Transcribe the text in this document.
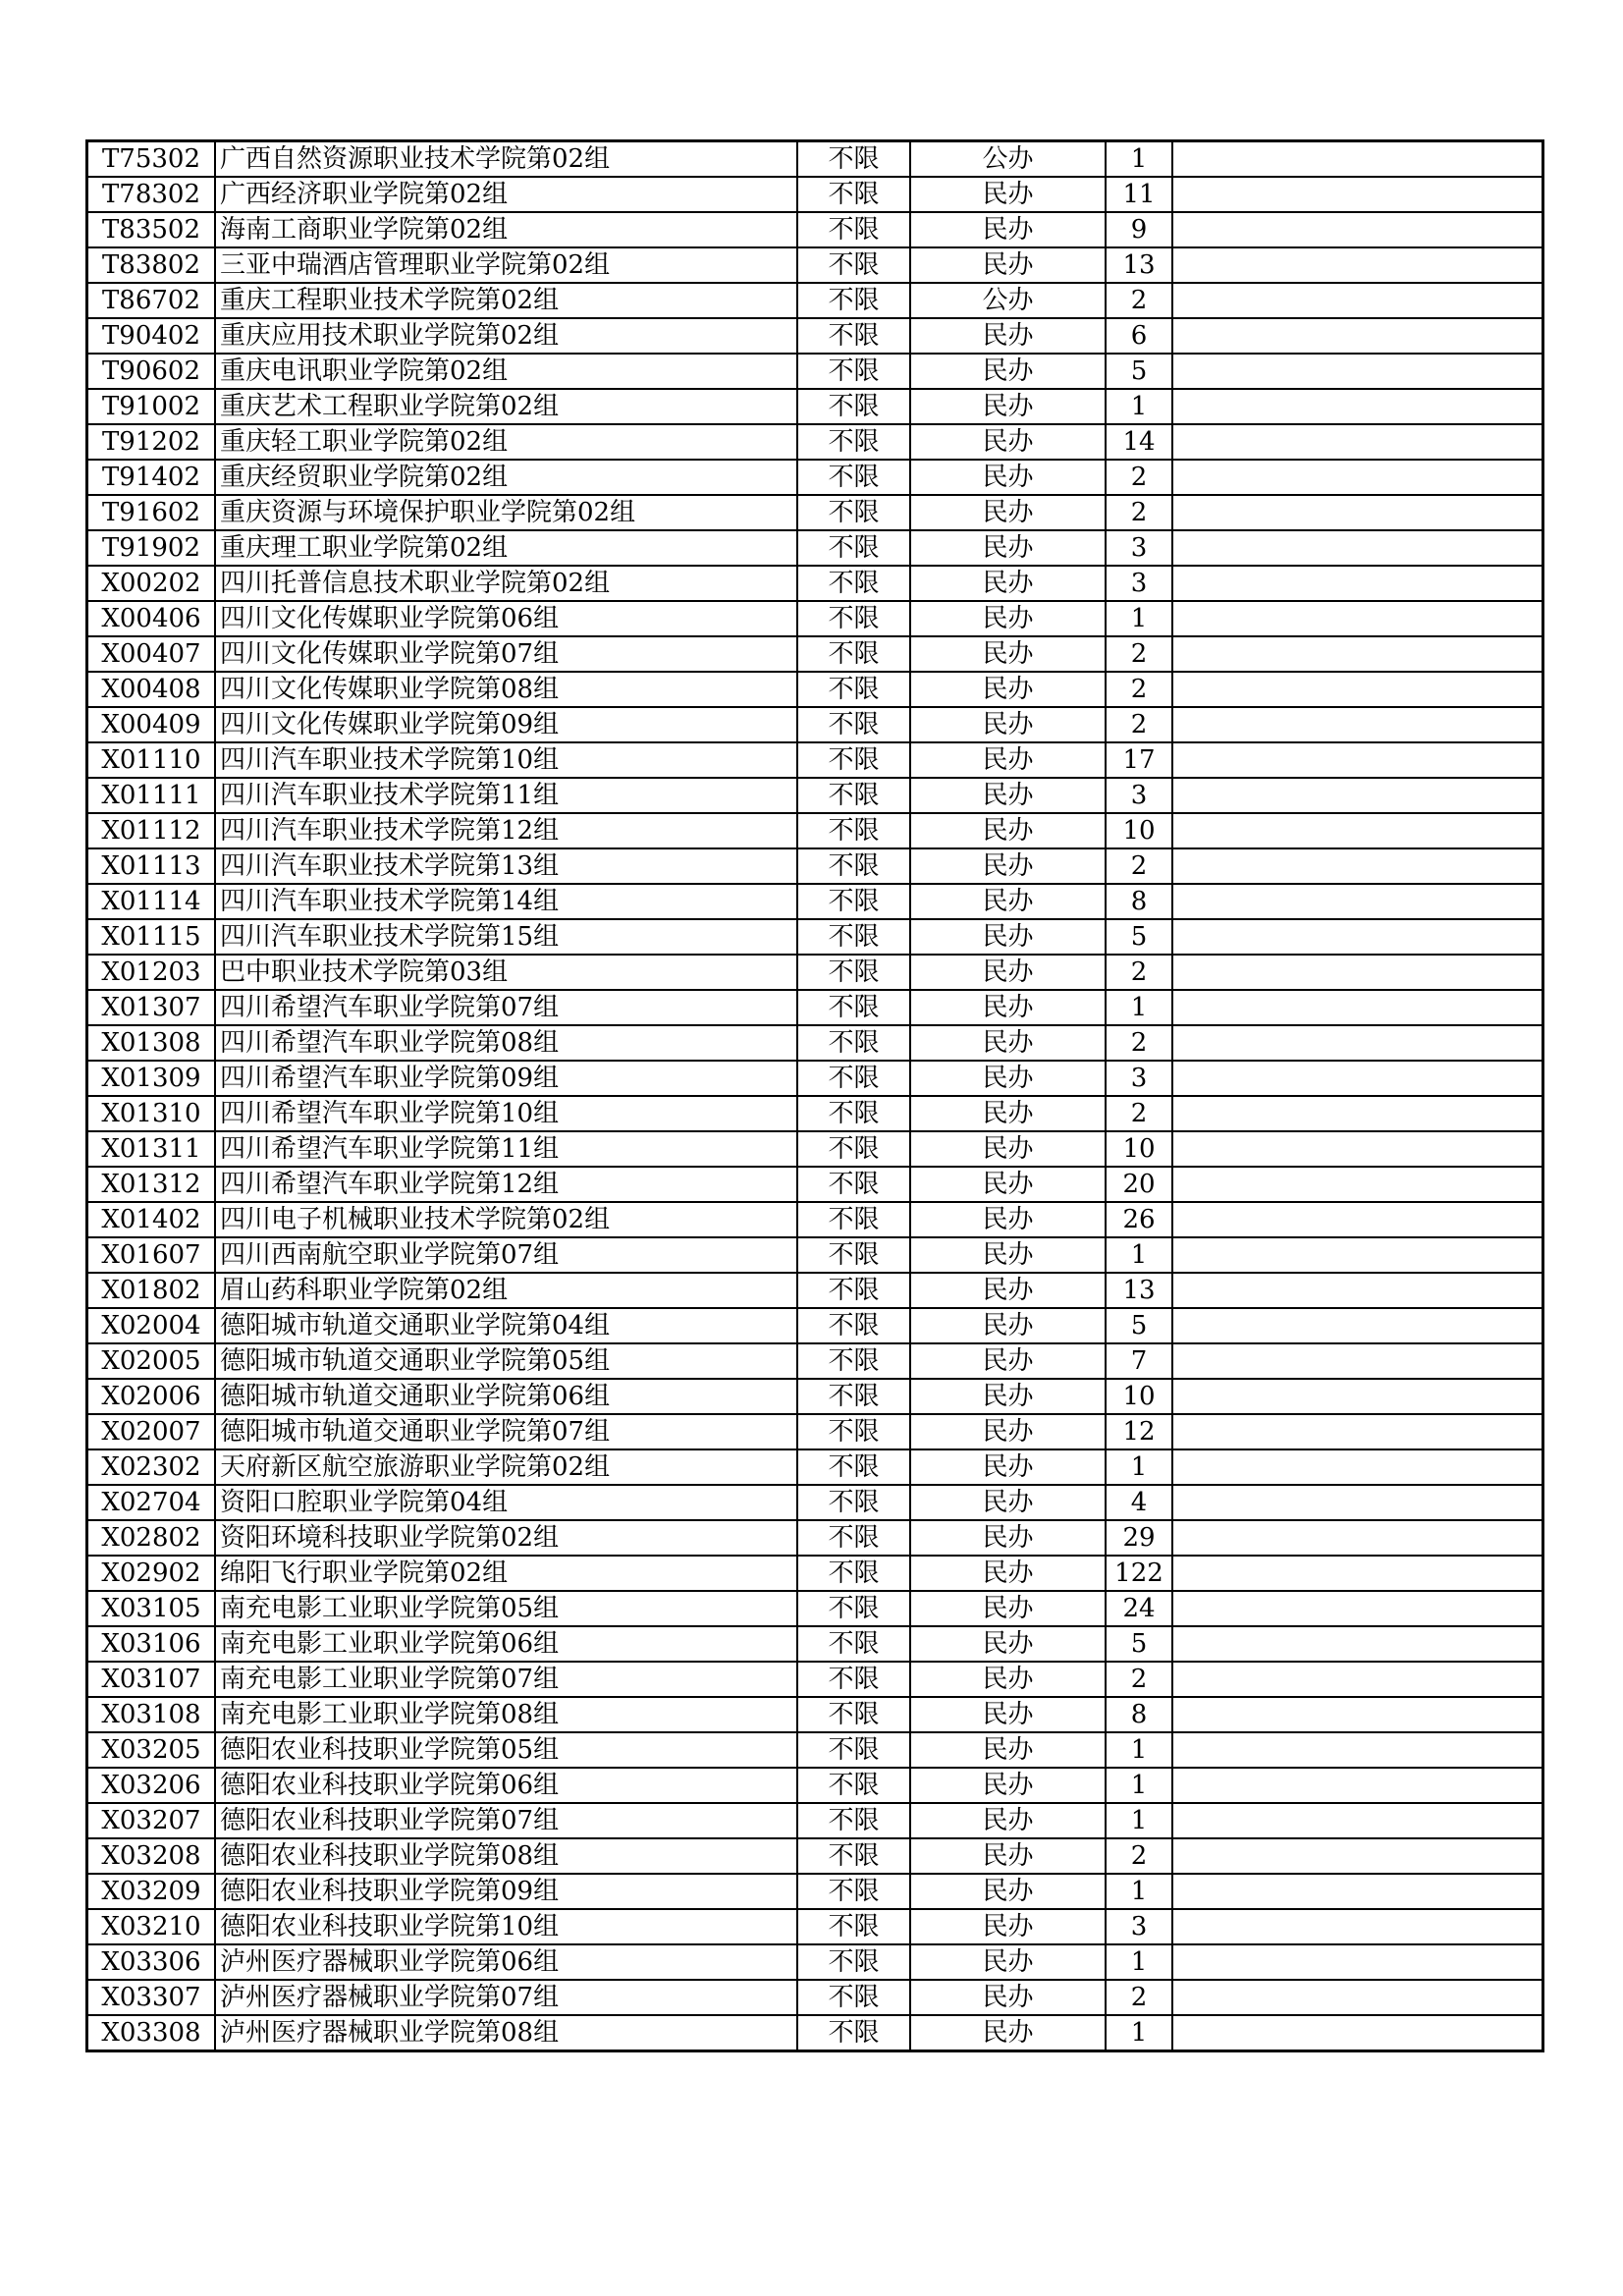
T75302	广西自然资源职业技术学院第02组	不限	公办	1	
T78302	广西经济职业学院第02组	不限	民办	11	
T83502	海南工商职业学院第02组	不限	民办	9	
T83802	三亚中瑞酒店管理职业学院第02组	不限	民办	13	
T86702	重庆工程职业技术学院第02组	不限	公办	2	
T90402	重庆应用技术职业学院第02组	不限	民办	6	
T90602	重庆电讯职业学院第02组	不限	民办	5	
T91002	重庆艺术工程职业学院第02组	不限	民办	1	
T91202	重庆轻工职业学院第02组	不限	民办	14	
T91402	重庆经贸职业学院第02组	不限	民办	2	
T91602	重庆资源与环境保护职业学院第02组	不限	民办	2	
T91902	重庆理工职业学院第02组	不限	民办	3	
X00202	四川托普信息技术职业学院第02组	不限	民办	3	
X00406	四川文化传媒职业学院第06组	不限	民办	1	
X00407	四川文化传媒职业学院第07组	不限	民办	2	
X00408	四川文化传媒职业学院第08组	不限	民办	2	
X00409	四川文化传媒职业学院第09组	不限	民办	2	
X01110	四川汽车职业技术学院第10组	不限	民办	17	
X01111	四川汽车职业技术学院第11组	不限	民办	3	
X01112	四川汽车职业技术学院第12组	不限	民办	10	
X01113	四川汽车职业技术学院第13组	不限	民办	2	
X01114	四川汽车职业技术学院第14组	不限	民办	8	
X01115	四川汽车职业技术学院第15组	不限	民办	5	
X01203	巴中职业技术学院第03组	不限	民办	2	
X01307	四川希望汽车职业学院第07组	不限	民办	1	
X01308	四川希望汽车职业学院第08组	不限	民办	2	
X01309	四川希望汽车职业学院第09组	不限	民办	3	
X01310	四川希望汽车职业学院第10组	不限	民办	2	
X01311	四川希望汽车职业学院第11组	不限	民办	10	
X01312	四川希望汽车职业学院第12组	不限	民办	20	
X01402	四川电子机械职业技术学院第02组	不限	民办	26	
X01607	四川西南航空职业学院第07组	不限	民办	1	
X01802	眉山药科职业学院第02组	不限	民办	13	
X02004	德阳城市轨道交通职业学院第04组	不限	民办	5	
X02005	德阳城市轨道交通职业学院第05组	不限	民办	7	
X02006	德阳城市轨道交通职业学院第06组	不限	民办	10	
X02007	德阳城市轨道交通职业学院第07组	不限	民办	12	
X02302	天府新区航空旅游职业学院第02组	不限	民办	1	
X02704	资阳口腔职业学院第04组	不限	民办	4	
X02802	资阳环境科技职业学院第02组	不限	民办	29	
X02902	绵阳飞行职业学院第02组	不限	民办	122	
X03105	南充电影工业职业学院第05组	不限	民办	24	
X03106	南充电影工业职业学院第06组	不限	民办	5	
X03107	南充电影工业职业学院第07组	不限	民办	2	
X03108	南充电影工业职业学院第08组	不限	民办	8	
X03205	德阳农业科技职业学院第05组	不限	民办	1	
X03206	德阳农业科技职业学院第06组	不限	民办	1	
X03207	德阳农业科技职业学院第07组	不限	民办	1	
X03208	德阳农业科技职业学院第08组	不限	民办	2	
X03209	德阳农业科技职业学院第09组	不限	民办	1	
X03210	德阳农业科技职业学院第10组	不限	民办	3	
X03306	泸州医疗器械职业学院第06组	不限	民办	1	
X03307	泸州医疗器械职业学院第07组	不限	民办	2	
X03308	泸州医疗器械职业学院第08组	不限	民办	1	
